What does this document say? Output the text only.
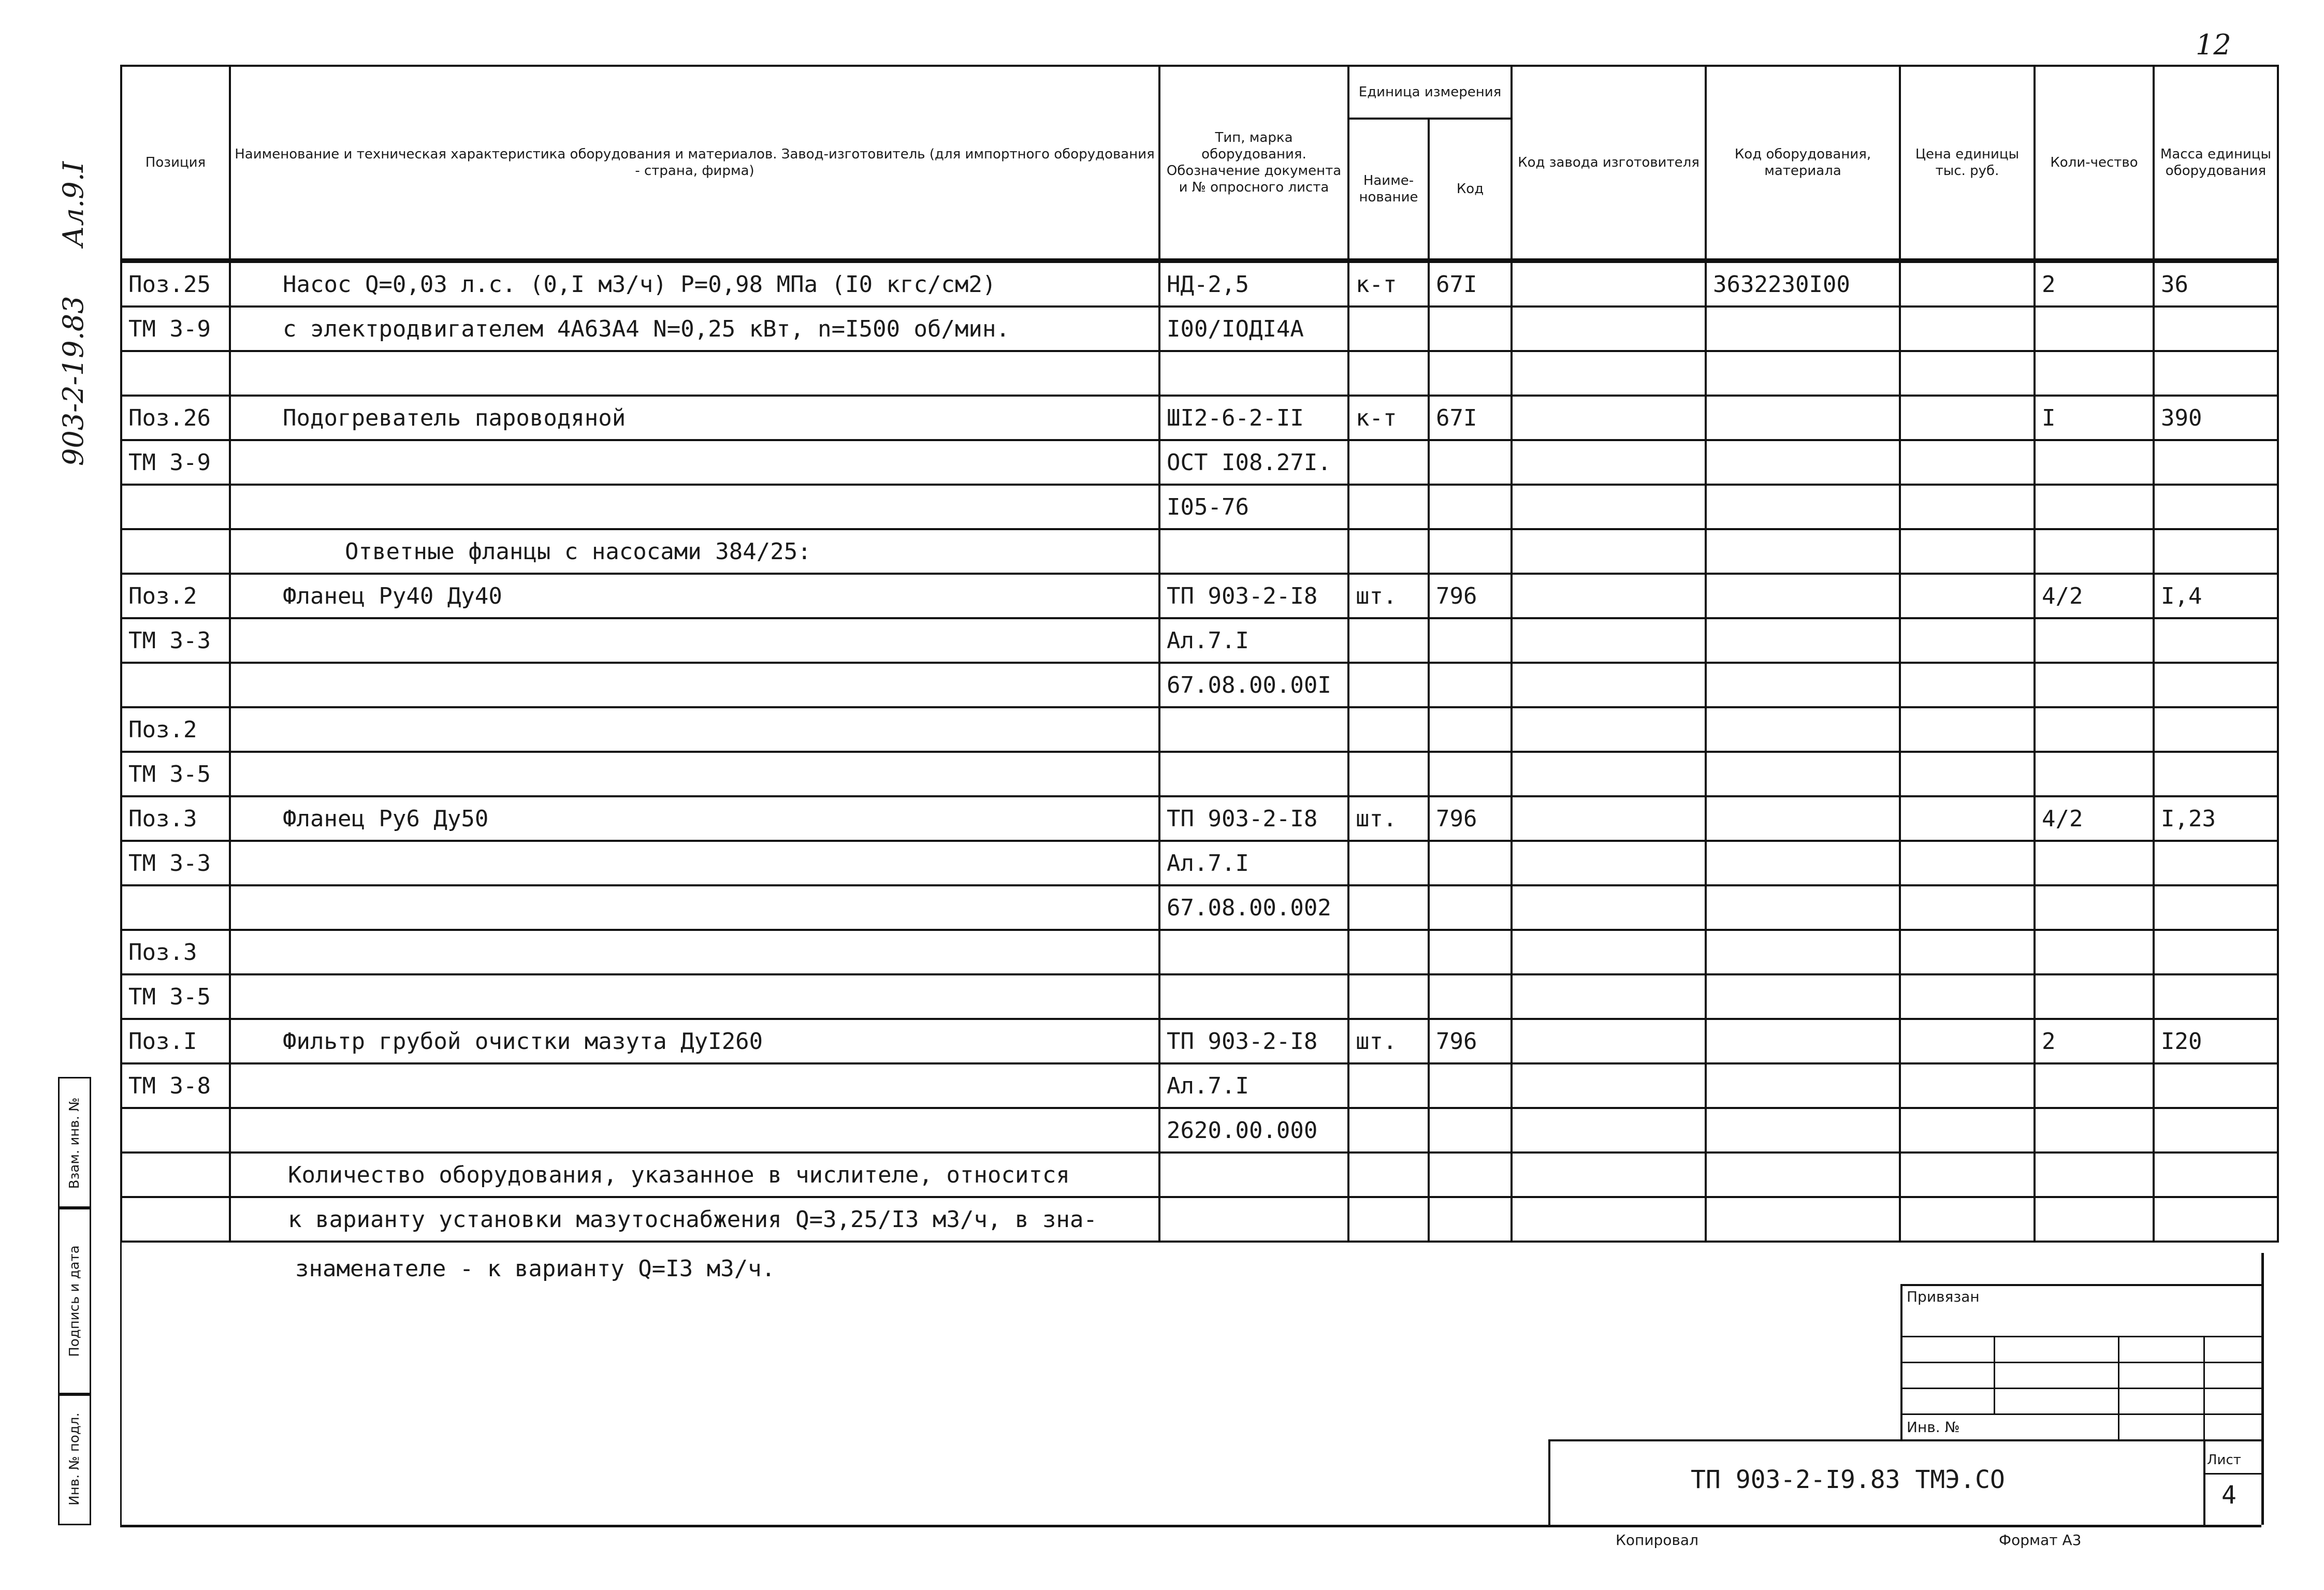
12
903-2-19.83  Ал.9.I	Позиция	Наименование и техническая характеристика оборудования и материалов. Завод-изготовитель (для импортного оборудования - страна, фирма)	Тип, марка оборудования. Обозначение документа и № опросного листа	Единица измерения		Код завода изготовителя	Код оборудования, материала	Цена единицы тыс. руб.	Коли-чество	Масса единицы оборудования
			Наиме-нование	Код					
Поз.25	Насос Q=0,03 л.с. (0,I м3/ч) P=0,98 МПа (I0 кгс/см2)	НД-2,5	к-т	67I		3632230I00		2	36
ТМ 3-9	с электродвигателем 4А63А4 N=0,25 кВт, n=I500 об/мин.	I00/IОДI4А							

Поз.26	Подогреватель пароводяной	ШI2-6-2-II	к-т	67I				I	390
ТМ 3-9		ОСТ I08.27I.							
		I05-76							
	Ответные фланцы с насосами 384/25:								
Поз.2	Фланец Ру40 Ду40	ТП 903-2-I8	шт.	796				4/2	I,4
ТМ 3-3		Ал.7.I							
		67.08.00.00I							
Поз.2									
ТМ 3-5									
Поз.3	Фланец Ру6 Ду50	ТП 903-2-I8	шт.	796				4/2	I,23
ТМ 3-3		Ал.7.I							
		67.08.00.002							
Поз.3									
ТМ 3-5									
Поз.I	Фильтр грубой очистки мазута ДуI260	ТП 903-2-I8	шт.	796				2	I20
ТМ 3-8		Ал.7.I							
		2620.00.000							
	Количество оборудования, указанное в числителе, относится								
	к варианту установки мазутоснабжения Q=3,25/I3 м3/ч, в зна-								
знаменателе - к варианту Q=I3 м3/ч.
Взам. инв. №
Подпись и дата
Инв. № подл.
Привязан
Инв. №
Лист
4
ТП 903-2-I9.83 ТМЭ.СО
Копировал	Формат А3
